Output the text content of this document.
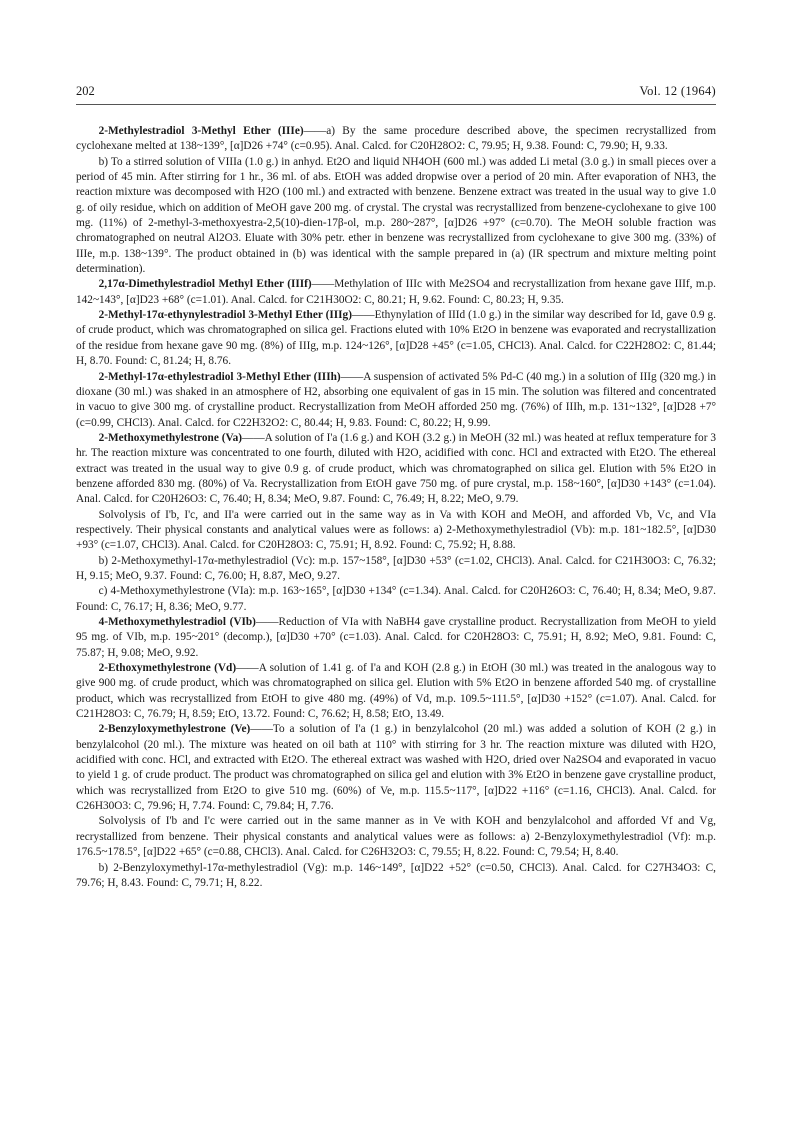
202	Vol. 12 (1964)

2-Methylestradiol 3-Methyl Ether (IIIe)——a) By the same procedure described above, the specimen recrystallized from cyclohexane melted at 138~139°, [α]D26 +74° (c=0.95). Anal. Calcd. for C20H28O2: C, 79.95; H, 9.38. Found: C, 79.90; H, 9.33.

b) To a stirred solution of VIIIa (1.0 g.) in anhyd. Et2O and liquid NH4OH (600 ml.) was added Li metal (3.0 g.) in small pieces over a period of 45 min. After stirring for 1 hr., 36 ml. of abs. EtOH was added dropwise over a period of 20 min. After evaporation of NH3, the reaction mixture was decomposed with H2O (100 ml.) and extracted with benzene. Benzene extract was treated in the usual way to give 1.0 g. of oily residue, which on addition of MeOH gave 200 mg. of crystal. The crystal was recrystallized from benzene-cyclohexane to give 100 mg. (11%) of 2-methyl-3-methoxyestra-2,5(10)-dien-17β-ol, m.p. 280~287°, [α]D26 +97° (c=0.70). The MeOH soluble fraction was chromatographed on neutral Al2O3. Eluate with 30% petr. ether in benzene was recrystallized from cyclohexane to give 300 mg. (33%) of IIIe, m.p. 138~139°. The product obtained in (b) was identical with the sample prepared in (a) (IR spectrum and mixture melting point determination).

2,17α-Dimethylestradiol Methyl Ether (IIIf)——Methylation of IIIc with Me2SO4 and recrystallization from hexane gave IIIf, m.p. 142~143°, [α]D23 +68° (c=1.01). Anal. Calcd. for C21H30O2: C, 80.21; H, 9.62. Found: C, 80.23; H, 9.35.

2-Methyl-17α-ethynylestradiol 3-Methyl Ether (IIIg)——Ethynylation of IIId (1.0 g.) in the similar way described for Id, gave 0.9 g. of crude product, which was chromatographed on silica gel. Fractions eluted with 10% Et2O in benzene was evaporated and recrystallization of the residue from hexane gave 90 mg. (8%) of IIIg, m.p. 124~126°, [α]D28 +45° (c=1.05, CHCl3). Anal. Calcd. for C22H28O2: C, 81.44; H, 8.70. Found: C, 81.24; H, 8.76.

2-Methyl-17α-ethylestradiol 3-Methyl Ether (IIIh)——A suspension of activated 5% Pd-C (40 mg.) in a solution of IIIg (320 mg.) in dioxane (30 ml.) was shaked in an atmosphere of H2, absorbing one equivalent of gas in 15 min. The solution was filtered and concentrated in vacuo to give 300 mg. of crystalline product. Recrystallization from MeOH afforded 250 mg. (76%) of IIIh, m.p. 131~132°, [α]D28 +7° (c=0.99, CHCl3). Anal. Calcd. for C22H32O2: C, 80.44; H, 9.83. Found: C, 80.22; H, 9.99.

2-Methoxymethylestrone (Va)——A solution of I'a (1.6 g.) and KOH (3.2 g.) in MeOH (32 ml.) was heated at reflux temperature for 3 hr. The reaction mixture was concentrated to one fourth, diluted with H2O, acidified with conc. HCl and extracted with Et2O. The ethereal extract was treated in the usual way to give 0.9 g. of crude product, which was chromatographed on silica gel. Elution with 5% Et2O in benzene afforded 830 mg. (80%) of Va. Recrystallization from EtOH gave 750 mg. of pure crystal, m.p. 158~160°, [α]D30 +143° (c=1.04). Anal. Calcd. for C20H26O3: C, 76.40; H, 8.34; MeO, 9.87. Found: C, 76.49; H, 8.22; MeO, 9.79.

Solvolysis of I'b, I'c, and II'a were carried out in the same way as in Va with KOH and MeOH, and afforded Vb, Vc, and VIa respectively. Their physical constants and analytical values were as follows: a) 2-Methoxymethylestradiol (Vb): m.p. 181~182.5°, [α]D30 +93° (c=1.07, CHCl3). Anal. Calcd. for C20H28O3: C, 75.91; H, 8.92. Found: C, 75.92; H, 8.88.

b) 2-Methoxymethyl-17α-methylestradiol (Vc): m.p. 157~158°, [α]D30 +53° (c=1.02, CHCl3). Anal. Calcd. for C21H30O3: C, 76.32; H, 9.15; MeO, 9.37. Found: C, 76.00; H, 8.87, MeO, 9.27.

c) 4-Methoxymethylestrone (VIa): m.p. 163~165°, [α]D30 +134° (c=1.34). Anal. Calcd. for C20H26O3: C, 76.40; H, 8.34; MeO, 9.87. Found: C, 76.17; H, 8.36; MeO, 9.77.

4-Methoxymethylestradiol (VIb)——Reduction of VIa with NaBH4 gave crystalline product. Recrystallization from MeOH to yield 95 mg. of VIb, m.p. 195~201° (decomp.), [α]D30 +70° (c=1.03). Anal. Calcd. for C20H28O3: C, 75.91; H, 8.92; MeO, 9.81. Found: C, 75.87; H, 9.08; MeO, 9.92.

2-Ethoxymethylestrone (Vd)——A solution of 1.41 g. of I'a and KOH (2.8 g.) in EtOH (30 ml.) was treated in the analogous way to give 900 mg. of crude product, which was chromatographed on silica gel. Elution with 5% Et2O in benzene afforded 540 mg. of crystalline product, which was recrystallized from EtOH to give 480 mg. (49%) of Vd, m.p. 109.5~111.5°, [α]D30 +152° (c=1.07). Anal. Calcd. for C21H28O3: C, 76.79; H, 8.59; EtO, 13.72. Found: C, 76.62; H, 8.58; EtO, 13.49.

2-Benzyloxymethylestrone (Ve)——To a solution of I'a (1 g.) in benzylalcohol (20 ml.) was added a solution of KOH (2 g.) in benzylalcohol (20 ml.). The mixture was heated on oil bath at 110° with stirring for 3 hr. The reaction mixture was diluted with H2O, acidified with conc. HCl, and extracted with Et2O. The ethereal extract was washed with H2O, dried over Na2SO4 and evaporated in vacuo to yield 1 g. of crude product. The product was chromatographed on silica gel and elution with 3% Et2O in benzene gave crystalline product, which was recrystallized from Et2O to give 510 mg. (60%) of Ve, m.p. 115.5~117°, [α]D22 +116° (c=1.16, CHCl3). Anal. Calcd. for C26H30O3: C, 79.96; H, 7.74. Found: C, 79.84; H, 7.76.

Solvolysis of I'b and I'c were carried out in the same manner as in Ve with KOH and benzylalcohol and afforded Vf and Vg, recrystallized from benzene. Their physical constants and analytical values were as follows: a) 2-Benzyloxymethylestradiol (Vf): m.p. 176.5~178.5°, [α]D22 +65° (c=0.88, CHCl3). Anal. Calcd. for C26H32O3: C, 79.55; H, 8.22. Found: C, 79.54; H, 8.40.

b) 2-Benzyloxymethyl-17α-methylestradiol (Vg): m.p. 146~149°, [α]D22 +52° (c=0.50, CHCl3). Anal. Calcd. for C27H34O3: C, 79.76; H, 8.43. Found: C, 79.71; H, 8.22.
